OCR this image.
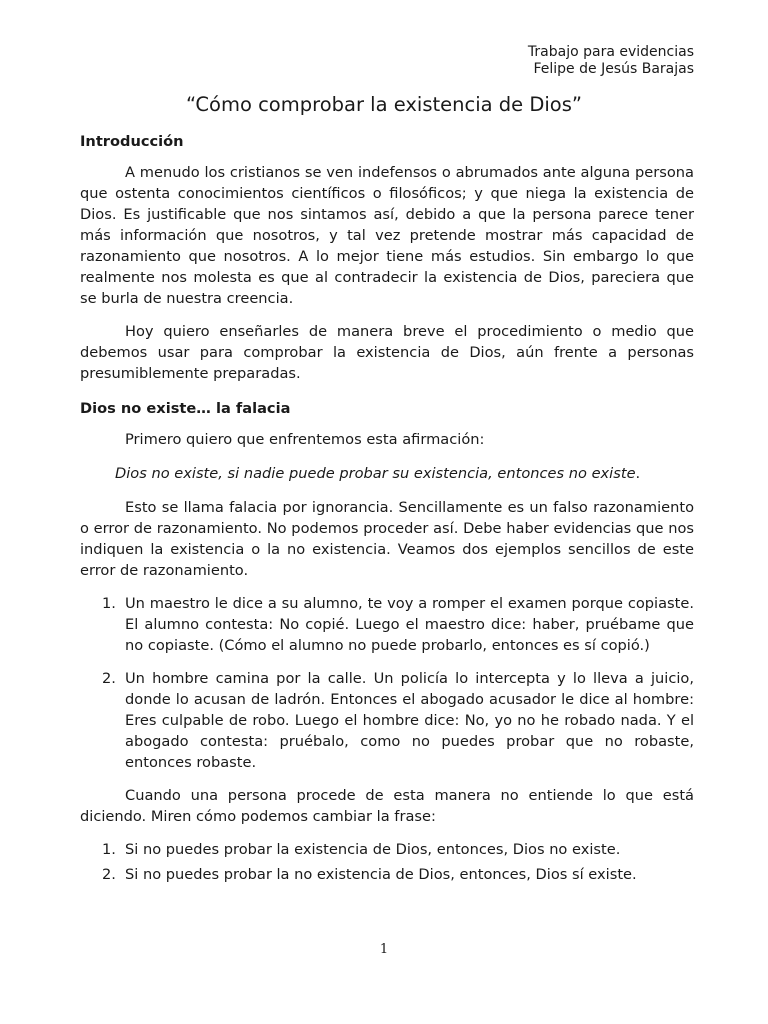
Trabajo para evidencias
Felipe de Jesús Barajas
“Cómo comprobar la existencia de Dios”
Introducción

A menudo los cristianos se ven indefensos o abrumados ante alguna persona que ostenta conocimientos científicos o filosóficos; y que niega la existencia de Dios. Es justificable que nos sintamos así, debido a que la persona parece tener más información que nosotros, y tal vez pretende mostrar más capacidad de razonamiento que nosotros. A lo mejor tiene más estudios. Sin embargo lo que realmente nos molesta es que al contradecir la existencia de Dios, pareciera que se burla de nuestra creencia.

Hoy quiero enseñarles de manera breve el procedimiento o medio que debemos usar para comprobar la existencia de Dios, aún frente a personas presumiblemente preparadas.

Dios no existe… la falacia

Primero quiero que enfrentemos esta afirmación:

Dios no existe, si nadie puede probar su existencia, entonces no existe.

Esto se llama falacia por ignorancia. Sencillamente es un falso razonamiento o error de razonamiento. No podemos proceder así. Debe haber evidencias que nos indiquen la existencia o la no existencia. Veamos dos ejemplos sencillos de este error de razonamiento.

1. Un maestro le dice a su alumno, te voy a romper el examen porque copiaste. El alumno contesta: No copié. Luego el maestro dice: haber, pruébame que no copiaste. (Cómo el alumno no puede probarlo, entonces es sí copió.)
2. Un hombre camina por la calle. Un policía lo intercepta y lo lleva a juicio, donde lo acusan de ladrón. Entonces el abogado acusador le dice al hombre: Eres culpable de robo. Luego el hombre dice: No, yo no he robado nada. Y el abogado contesta: pruébalo, como no puedes probar que no robaste, entonces robaste.

Cuando una persona procede de esta manera no entiende lo que está diciendo. Miren cómo podemos cambiar la frase:

1. Si no puedes probar la existencia de Dios, entonces, Dios no existe.
2. Si no puedes probar la no existencia de Dios, entonces, Dios sí existe.
1
